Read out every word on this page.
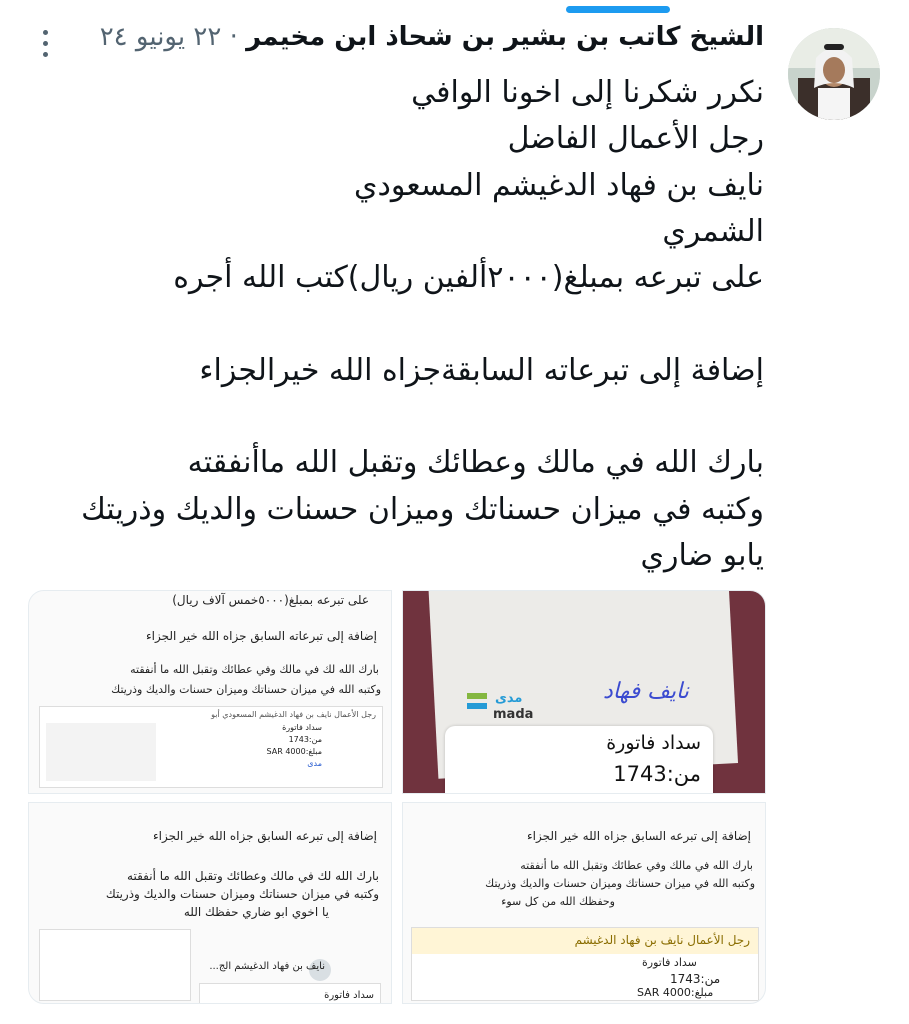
الشيخ كاتب بن بشير بن شحاذ ابن مخيمر · ٢٢ يونيو ٢٤

نكرر شكرنا إلى اخونا الوافي

رجل الأعمال الفاضل

نايف بن فهاد الدغيشم المسعودي

الشمري

على تبرعه بمبلغ(٢٠٠٠ألفين ريال)كتب الله أجره

إضافة إلى تبرعاته السابقةجزاه الله خيرالجزاء

بارك الله في مالك وعطائك وتقبل الله ماأنفقته

وكتبه في ميزان حسناتك وميزان حسنات والديك وذريتك

يابو ضاري

على تبرعه بمبلغ(٥٠٠٠خمس آلاف ريال)
إضافة إلى تبرعاته السابق جزاه الله خير الجزاء
بارك الله لك في مالك وفي عطائك وتقبل الله ما أنفقته
وكتبه الله في ميزان حسناتك وميزان حسنات والديك وذريتك
رجل الأعمال نايف بن فهاد الدغيشم المسعودي أبو
سداد فاتورة
من:1743
مبلغ:SAR 4000
مدى
مدى
mada
نايف فهاد
سداد فاتورة
من:1743
إضافة إلى تبرعه السابق جزاه الله خير الجزاء
بارك الله لك في مالك وعطائك وتقبل الله ما أنفقته
وكتبه في ميزان حسناتك وميزان حسنات والديك وذريتك
يا اخوي ابو ضاري حفظك الله
نايف بن فهاد الدغيشم الج...
سداد فاتورة
إضافة إلى تبرعه السابق جزاه الله خير الجزاء
بارك الله في مالك وفي عطائك وتقبل الله ما أنفقته
وكتبه الله في ميزان حسناتك وميزان حسنات والديك وذريتك
وحفظك الله من كل سوء
رجل الأعمال نايف بن فهاد الدغيشم
سداد فاتورة
من:1743
مبلغ:SAR 4000
